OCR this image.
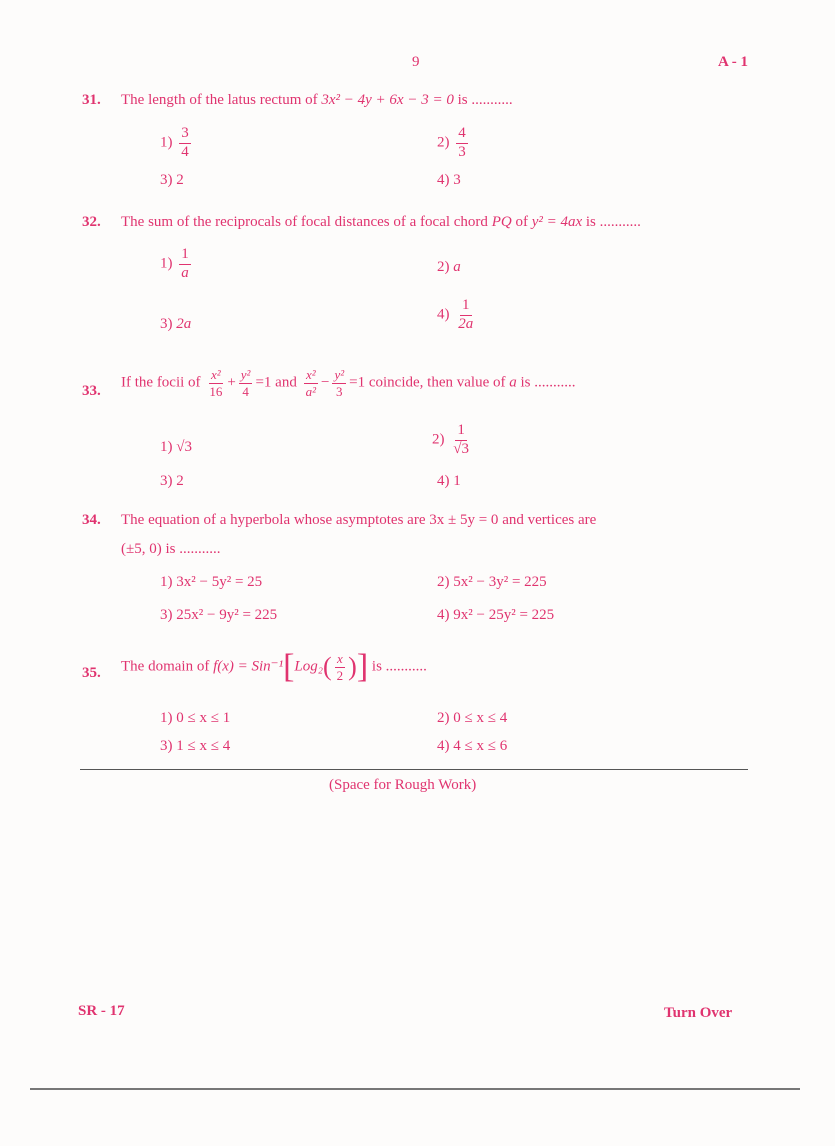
9	A - 1
31. The length of the latus rectum of 3x² − 4y + 6x − 3 = 0 is ...........
$1) \frac{3}{4}$	$2) \frac{4}{3}$
3) 2	4) 3
32. The sum of the reciprocals of focal distances of a focal chord PQ of y² = 4ax is ...........
$1) \frac{1}{a}$	2) a
3) 2a
$4) \frac{1}{2a}$
33.
If the focii of $\frac{\text{x²}}{16} + \frac{\text{y²}}{4} =1$ and $\frac{\text{x²}}{\text{a²}} - \frac{\text{y²}}{3} =1$ coincide, then value of a is ...........
1) √3	$2) \frac{1}{√3}$
3) 2	4) 1
34. The equation of a hyperbola whose asymptotes are 3x ± 5y = 0 and vertices are
(±5, 0) is ...........
1) 3x² − 5y² = 25	2) 5x² − 3y² = 225
3) 25x² − 9y² = 225	4) 9x² − 25y² = 225
35. The domain of $f(x) = Sin^{-1}[Log_2( \frac{x}{2}$ )] is ...........
1) 0 ≤ x ≤ 1	2) 0 ≤ x ≤ 4
3) 1 ≤ x ≤ 4	4) 4 ≤ x ≤ 6
(Space for Rough Work)
SR - 17	Turn Over
